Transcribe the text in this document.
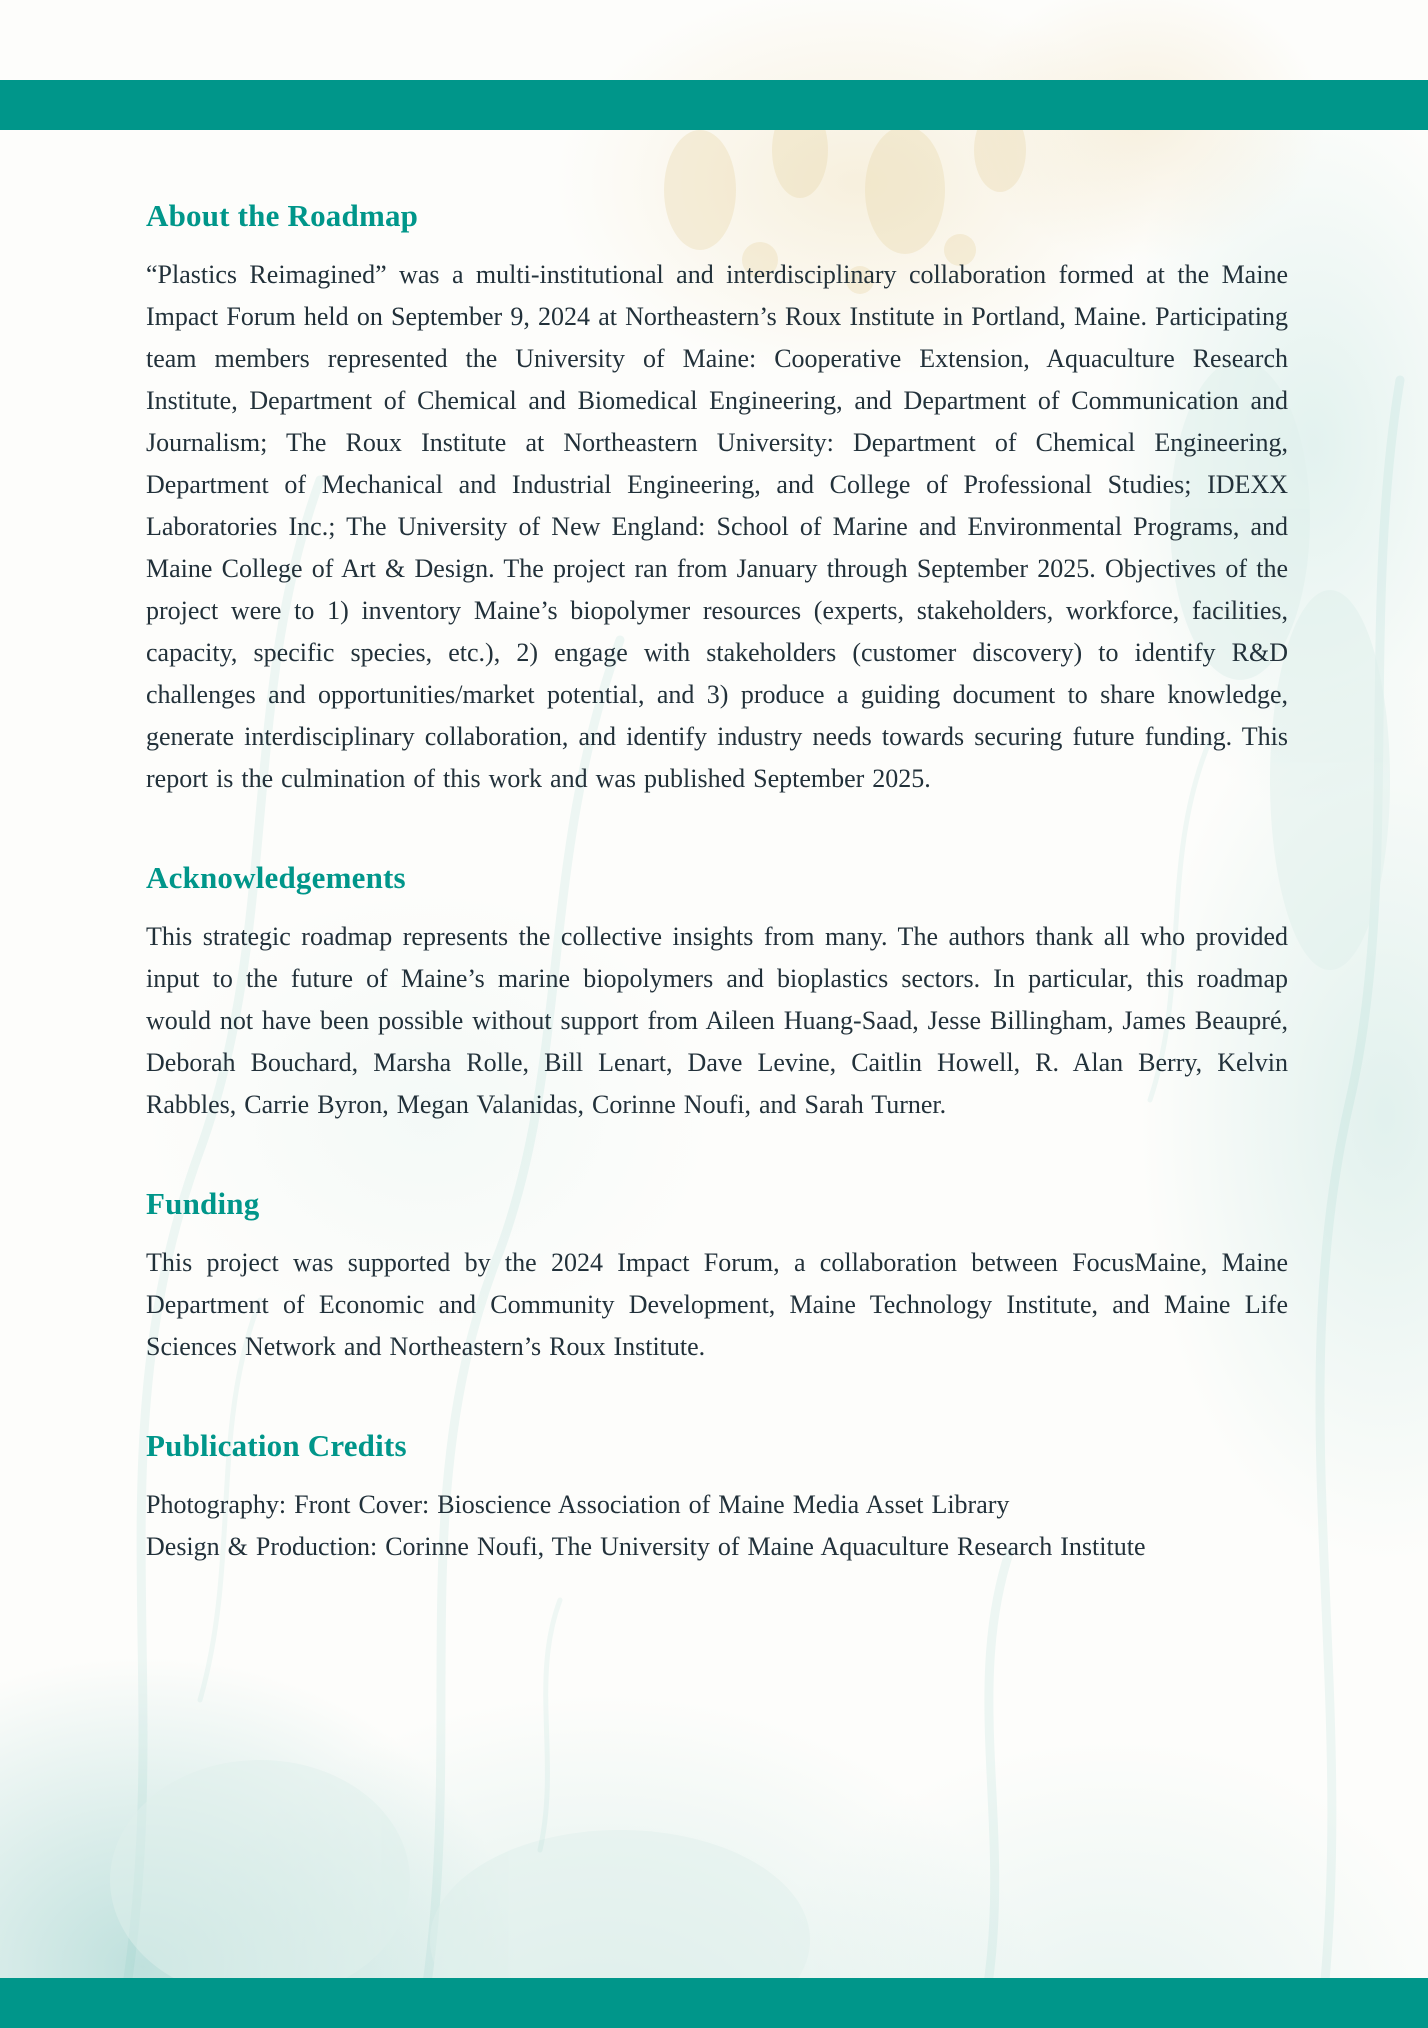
About the Roadmap

“Plastics Reimagined” was a multi-institutional and interdisciplinary collaboration formed at the Maine Impact Forum held on September 9, 2024 at Northeastern’s Roux Institute in Portland, Maine. Participating team members represented the University of Maine: Cooperative Extension, Aquaculture Research Institute, Department of Chemical and Biomedical Engineering, and Department of Communication and Journalism; The Roux Institute at Northeastern University: Department of Chemical Engineering, Department of Mechanical and Industrial Engineering, and College of Professional Studies; IDEXX Laboratories Inc.; The University of New England: School of Marine and Environmental Programs, and Maine College of Art & Design. The project ran from January through September 2025. Objectives of the project were to 1) inventory Maine’s biopolymer resources (experts, stakeholders, workforce, facilities, capacity, specific species, etc.), 2) engage with stakeholders (customer discovery) to identify R&D challenges and opportunities/market potential, and 3) produce a guiding document to share knowledge, generate interdisciplinary collaboration, and identify industry needs towards securing future funding. This report is the culmination of this work and was published September 2025.

Acknowledgements

This strategic roadmap represents the collective insights from many. The authors thank all who provided input to the future of Maine’s marine biopolymers and bioplastics sectors. In particular, this roadmap would not have been possible without support from Aileen Huang-Saad, Jesse Billingham, James Beaupré, Deborah Bouchard, Marsha Rolle, Bill Lenart, Dave Levine, Caitlin Howell, R. Alan Berry, Kelvin Rabbles, Carrie Byron, Megan Valanidas, Corinne Noufi, and Sarah Turner.

Funding

This project was supported by the 2024 Impact Forum, a collaboration between FocusMaine, Maine Department of Economic and Community Development, Maine Technology Institute, and Maine Life Sciences Network and Northeastern’s Roux Institute.

Publication Credits

Photography: Front Cover: Bioscience Association of Maine Media Asset Library

Design & Production: Corinne Noufi, The University of Maine Aquaculture Research Institute
